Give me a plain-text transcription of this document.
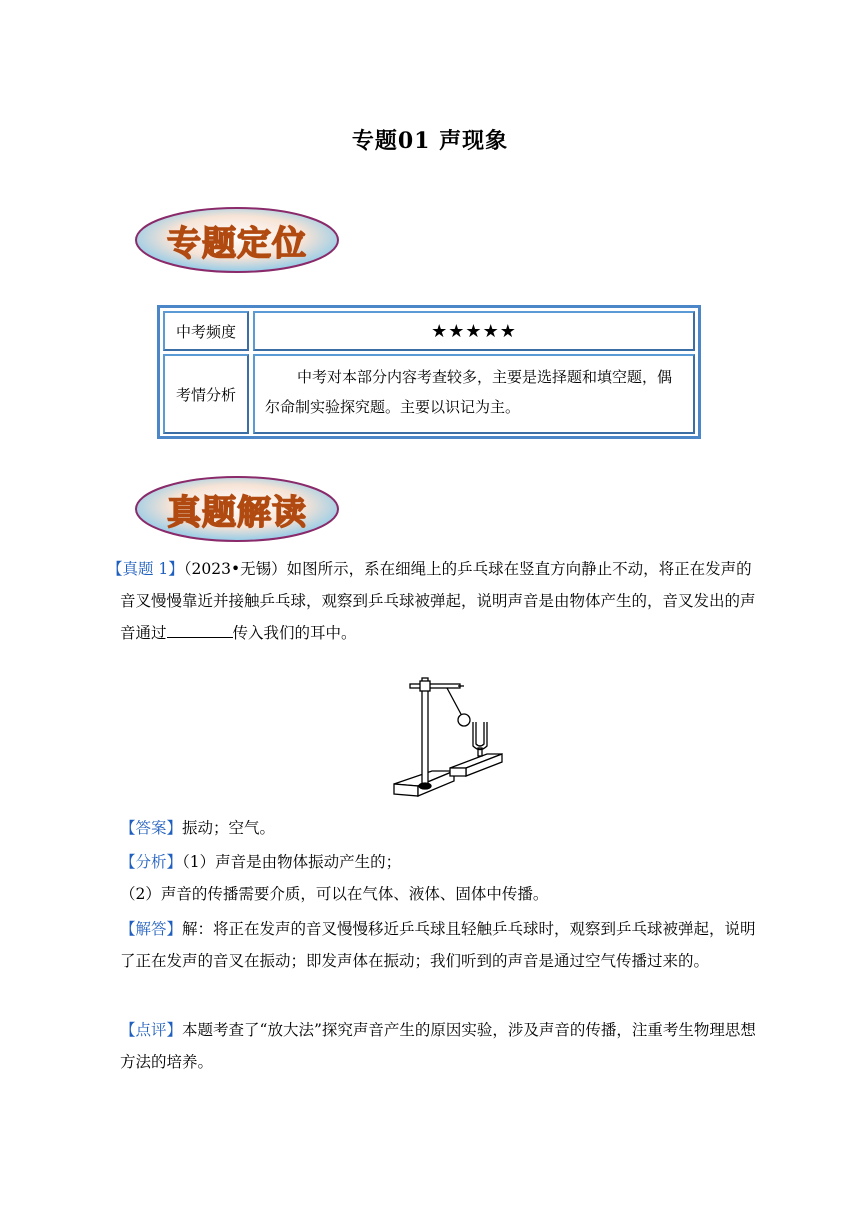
专题01 声现象
专题定位
中考频度	★★★★★
考情分析
中考对本部分内容考查较多，主要是选择题和填空题，偶尔命制实验探究题。主要以识记为主。
真题解读
【真题 1】（2023•无锡）如图所示，系在细绳上的乒乓球在竖直方向静止不动，将正在发声的音叉慢慢靠近并接触乒乓球，观察到乒乓球被弹起，说明声音是由物体产生的，音叉发出的声音通过	传入我们的耳中。
【答案】振动；空气。
【分析】（1）声音是由物体振动产生的；
（2）声音的传播需要介质，可以在气体、液体、固体中传播。
【解答】解：将正在发声的音叉慢慢移近乒乓球且轻触乒乓球时，观察到乒乓球被弹起，说明了正在发声的音叉在振动；即发声体在振动；我们听到的声音是通过空气传播过来的。
【点评】本题考查了“放大法”探究声音产生的原因实验，涉及声音的传播，注重考生物理思想方法的培养。
